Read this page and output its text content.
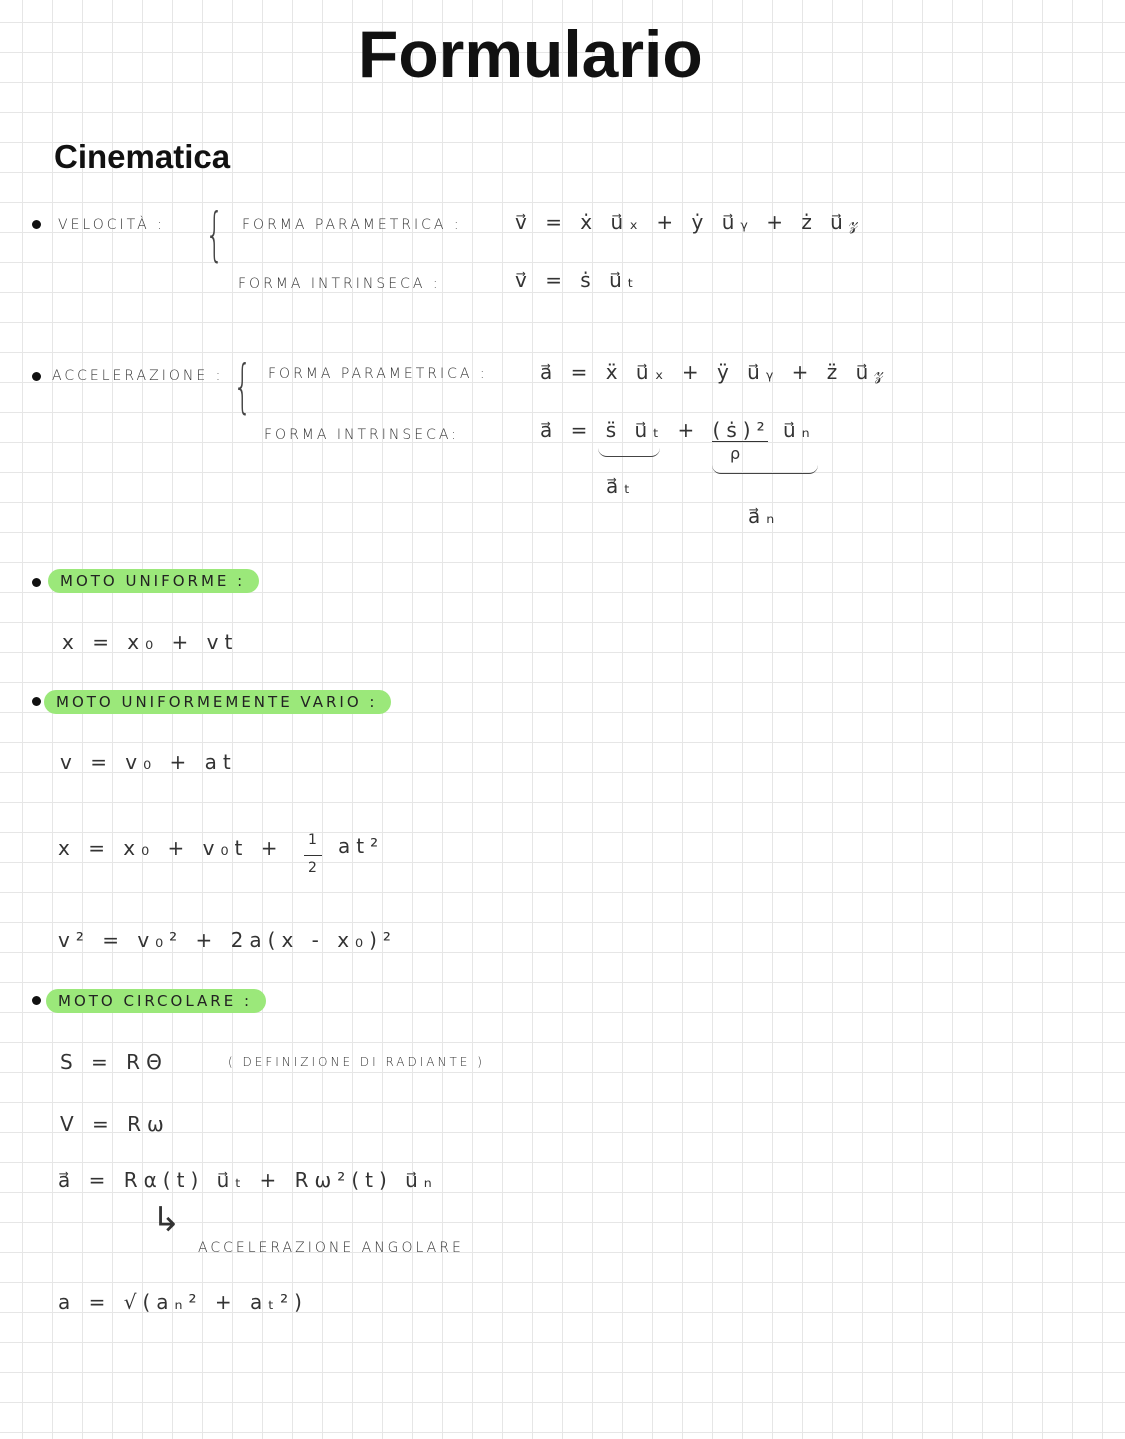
Formulario
Cinematica
VELOCITÀ : { FORMA PARAMETRICA :	v⃗ = ẋ u⃗ₓ + ẏ u⃗ᵧ + ż u⃗𝓏
FORMA INTRINSECA :	v⃗ = ṡ u⃗ₜ
ACCELERAZIONE : { FORMA PARAMETRICA :	a⃗ = ẍ u⃗ₓ + ÿ u⃗ᵧ + z̈ u⃗𝓏
FORMA INTRINSECA:	a⃗ = s̈ u⃗ₜ + (ṡ)² u⃗ₙ
ρ
a⃗ₜ
a⃗ₙ
MOTO UNIFORME :
x = x₀ + vt
MOTO UNIFORMEMENTE VARIO :
v = v₀ + at
x = x₀ + v₀t + 1
2
at²
v² = v₀² + 2a(x - x₀)²
MOTO CIRCOLARE :
S = RΘ	( DEFINIZIONE DI RADIANTE )
V = Rω
a⃗ = Rα(t) u⃗ₜ + Rω²(t) u⃗ₙ
↳
ACCELERAZIONE ANGOLARE
a = √(aₙ² + aₜ²)
